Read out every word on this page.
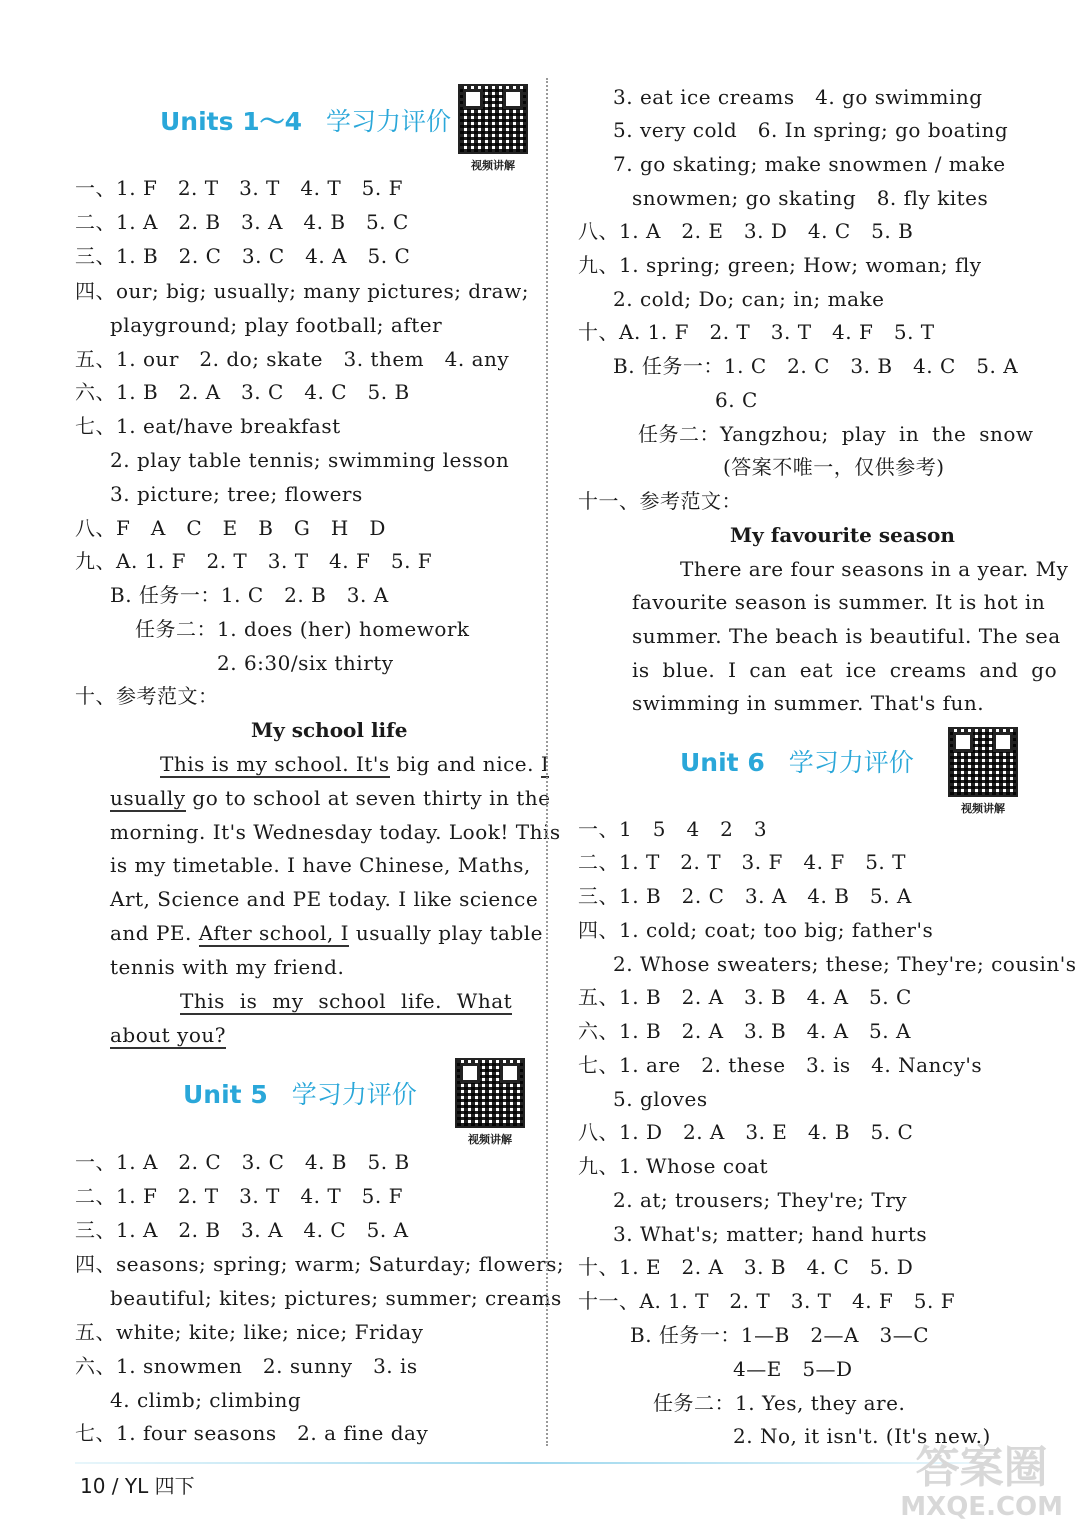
Units 1～4 学习力评价
视频讲解
一、1. F　2. T　3. T　4. T　5. F
二、1. A　2. B　3. A　4. B　5. C
三、1. B　2. C　3. C　4. A　5. C
四、our; big; usually; many pictures; draw;
playground; play football; after
五、1. our　2. do; skate　3. them　4. any
六、1. B　2. A　3. C　4. C　5. B
七、1. eat/have breakfast
2. play table tennis; swimming lesson
3. picture; tree; flowers
八、F　A　C　E　B　G　H　D
九、A. 1. F　2. T　3. T　4. F　5. F
B. 任务一：1. C　2. B　3. A
任务二：1. does (her) homework
2. 6:30/six thirty
十、参考范文：
My school life
This is my school. It's big and nice. I
usually go to school at seven thirty in the
morning. It's Wednesday today. Look! This
is my timetable. I have Chinese, Maths,
Art, Science and PE today. I like science
and PE. After school, I usually play table
tennis with my friend.
This is my school life. What
about you?
Unit 5 学习力评价
视频讲解
一、1. A　2. C　3. C　4. B　5. B
二、1. F　2. T　3. T　4. T　5. F
三、1. A　2. B　3. A　4. C　5. A
四、seasons; spring; warm; Saturday; flowers;
beautiful; kites; pictures; summer; creams
五、white; kite; like; nice; Friday
六、1. snowmen　2. sunny　3. is
4. climb; climbing
七、1. four seasons　2. a fine day
3. eat ice creams　4. go swimming
5. very cold　6. In spring; go boating
7. go skating; make snowmen / make
snowmen; go skating　8. fly kites
八、1. A　2. E　3. D　4. C　5. B
九、1. spring; green; How; woman; fly
2. cold; Do; can; in; make
十、A. 1. F　2. T　3. T　4. F　5. T
B. 任务一：1. C　2. C　3. B　4. C　5. A
6. C
任务二：Yangzhou; play in the snow
(答案不唯一，仅供参考)
十一、参考范文：
My favourite season
There are four seasons in a year. My
favourite season is summer. It is hot in
summer. The beach is beautiful. The sea
is blue. I can eat ice creams and go
swimming in summer. That's fun.
Unit 6 学习力评价
视频讲解
一、1　5　4　2　3
二、1. T　2. T　3. F　4. F　5. T
三、1. B　2. C　3. A　4. B　5. A
四、1. cold; coat; too big; father's
2. Whose sweaters; these; They're; cousin's
五、1. B　2. A　3. B　4. A　5. C
六、1. B　2. A　3. B　4. A　5. A
七、1. are　2. these　3. is　4. Nancy's
5. gloves
八、1. D　2. A　3. E　4. B　5. C
九、1. Whose coat
2. at; trousers; They're; Try
3. What's; matter; hand hurts
十、1. E　2. A　3. B　4. C　5. D
十一、A. 1. T　2. T　3. T　4. F　5. F
B. 任务一：1—B　2—A　3—C
4—E　5—D
任务二：1. Yes, they are.
2. No, it isn't. (It's new.)
10 / YL 四下	答案圈
MXQE.COM
